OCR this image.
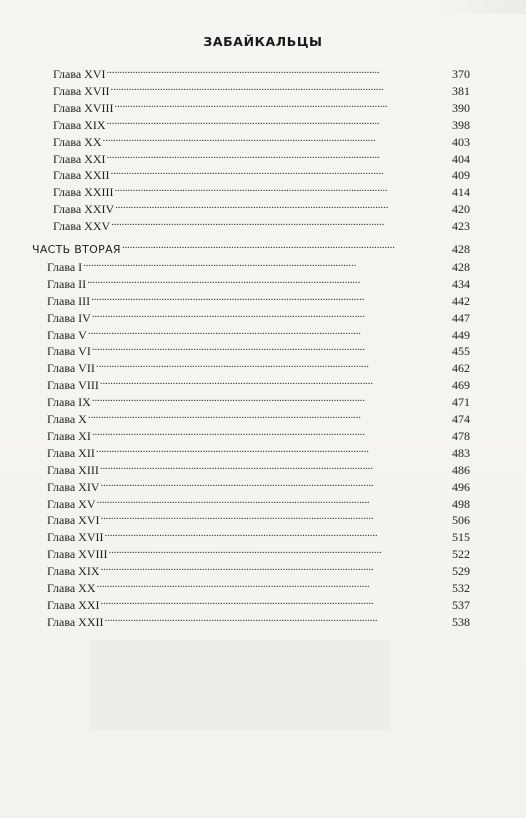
ЗАБАЙКАЛЬЦЫ
Глава XVI . . .	370
Глава XVII . . .	381
Глава XVIII . . .	390
Глава XIX . . .	398
Глава XX . . .	403
Глава XXI . . .	404
Глава XXII . . .	409
Глава XXIII . . .	414
Глава XXIV . . .	420
Глава XXV . . .	423
ЧАСТЬ ВТОРАЯ . . .	428
Глава I . . .	428
Глава II . . .	434
Глава III . . .	442
Глава IV . . .	447
Глава V . . .	449
Глава VI . . .	455
Глава VII . . .	462
Глава VIII . . .	469
Глава IX . . .	471
Глава X . . .	474
Глава XI . . .	478
Глава XII . . .	483
Глава XIII . . .	486
Глава XIV . . .	496
Глава XV . . .	498
Глава XVI . . .	506
Глава XVII . . .	515
Глава XVIII . . .	522
Глава XIX . . .	529
Глава XX . . .	532
Глава XXI . . .	537
Глава XXII . . .	538
